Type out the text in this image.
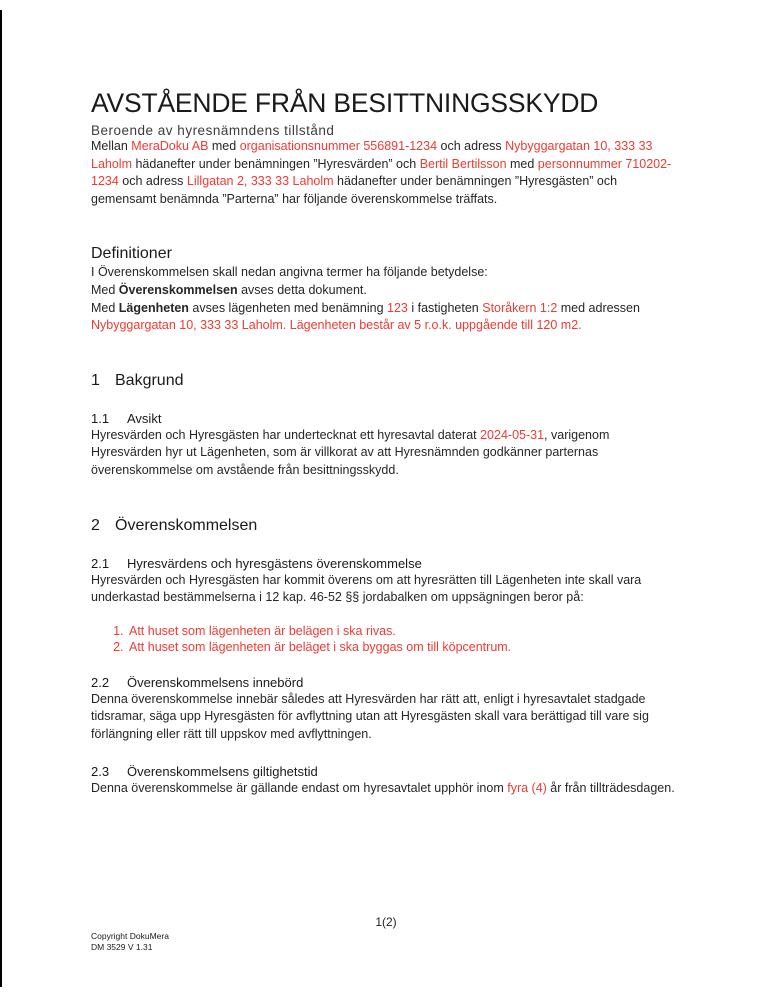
AVSTÅENDE FRÅN BESITTNINGSSKYDD
Beroende av hyresnämndens tillstånd

Mellan MeraDoku AB med organisationsnummer 556891-1234 och adress Nybyggargatan 10, 333 33 Laholm hädanefter under benämningen ”Hyresvärden” och Bertil Bertilsson med personnummer 710202-1234 och adress Lillgatan 2, 333 33 Laholm hädanefter under benämningen ”Hyresgästen” och gemensamt benämnda ”Parterna” har följande överenskommelse träffats.

Definitioner

I Överenskommelsen skall nedan angivna termer ha följande betydelse:

Med Överenskommelsen avses detta dokument.

Med Lägenheten avses lägenheten med benämning 123 i fastigheten Storåkern 1:2 med adressen Nybyggargatan 10, 333 33 Laholm. Lägenheten består av 5 r.o.k. uppgående till 120 m2.

1 Bakgrund
1.1 Avsikt

Hyresvärden och Hyresgästen har undertecknat ett hyresavtal daterat 2024-05-31, varigenom Hyresvärden hyr ut Lägenheten, som är villkorat av att Hyresnämnden godkänner parternas överenskommelse om avstående från besittningsskydd.

2 Överenskommelsen
2.1 Hyresvärdens och hyresgästens överenskommelse

Hyresvärden och Hyresgästen har kommit överens om att hyresrätten till Lägenheten inte skall vara underkastad bestämmelserna i 12 kap. 46-52 §§ jordabalken om uppsägningen beror på:

1. Att huset som lägenheten är belägen i ska rivas.
2. Att huset som lägenheten är beläget i ska byggas om till köpcentrum.
2.2 Överenskommelsens innebörd

Denna överenskommelse innebär således att Hyresvärden har rätt att, enligt i hyresavtalet stadgade tidsramar, säga upp Hyresgästen för avflyttning utan att Hyresgästen skall vara berättigad till vare sig förlängning eller rätt till uppskov med avflyttningen.

2.3 Överenskommelsens giltighetstid

Denna överenskommelse är gällande endast om hyresavtalet upphör inom fyra (4) år från tillträdesdagen.

1(2)
Copyright DokuMera
DM 3529 V 1.31
